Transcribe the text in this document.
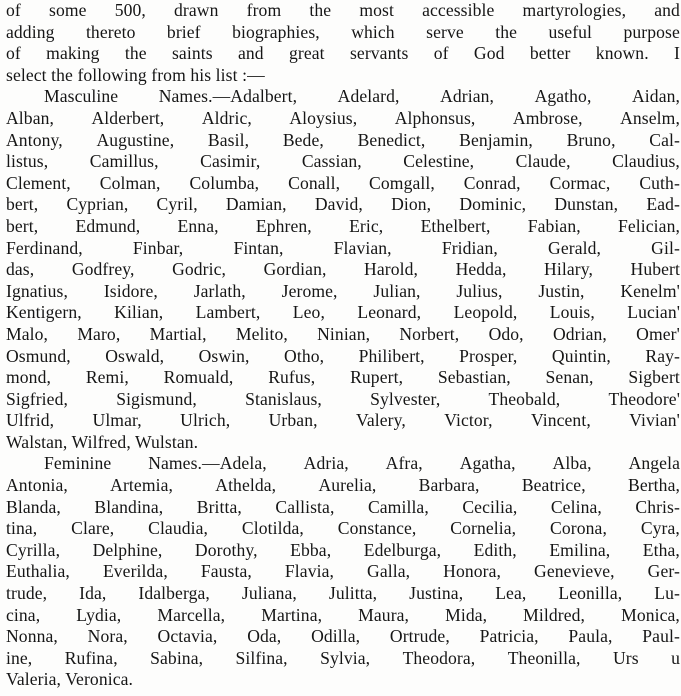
of some 500, drawn from the most accessible martyrologies, and
adding thereto brief biographies, which serve the useful purpose
of making the saints and great servants of God better known. I
select the following from his list :—
Masculine Names.—Adalbert, Adelard, Adrian, Agatho, Aidan,
Alban, Alderbert, Aldric, Aloysius, Alphonsus, Ambrose, Anselm,
Antony, Augustine, Basil, Bede, Benedict, Benjamin, Bruno, Cal-
listus, Camillus, Casimir, Cassian, Celestine, Claude, Claudius,
Clement, Colman, Columba, Conall, Comgall, Conrad, Cormac, Cuth-
bert, Cyprian, Cyril, Damian, David, Dion, Dominic, Dunstan, Ead-
bert, Edmund, Enna, Ephren, Eric, Ethelbert, Fabian, Felician,
Ferdinand,	Finbar,	Fintan,	Flavian,	Fridian,	Gerald,	Gil-
das, Godfrey, Godric, Gordian, Harold, Hedda, Hilary, Hubert
Ignatius, Isidore, Jarlath, Jerome, Julian, Julius, Justin, Kenelm'
Kentigern, Kilian, Lambert, Leo, Leonard, Leopold, Louis, Lucian'
Malo, Maro, Martial, Melito, Ninian, Norbert, Odo, Odrian, Omer'
Osmund, Oswald, Oswin, Otho, Philibert, Prosper, Quintin, Ray-
mond, Remi, Romuald, Rufus, Rupert, Sebastian, Senan, Sigbert
Sigfried,	Sigismund,	Stanislaus,	Sylvester,	Theobald,	Theodore'
Ulfrid, Ulmar, Ulrich, Urban, Valery, Victor, Vincent, Vivian'
Walstan, Wilfred, Wulstan.
Feminine Names.—Adela, Adria, Afra, Agatha, Alba, Angela
Antonia, Artemia, Athelda, Aurelia, Barbara, Beatrice, Bertha,
Blanda, Blandina, Britta, Callista, Camilla, Cecilia, Celina, Chris-
tina, Clare, Claudia, Clotilda, Constance, Cornelia, Corona, Cyra,
Cyrilla, Delphine, Dorothy, Ebba, Edelburga, Edith, Emilina, Etha,
Euthalia, Everilda, Fausta, Flavia, Galla, Honora, Genevieve, Ger-
trude, Ida, Idalberga, Juliana, Julitta, Justina, Lea, Leonilla, Lu-
cina, Lydia, Marcella, Martina, Maura, Mida, Mildred, Monica,
Nonna, Nora, Octavia, Oda, Odilla, Ortrude, Patricia, Paula, Paul-
ine, Rufina, Sabina, Silfina, Sylvia, Theodora, Theonilla, Urs u
Valeria, Veronica.
